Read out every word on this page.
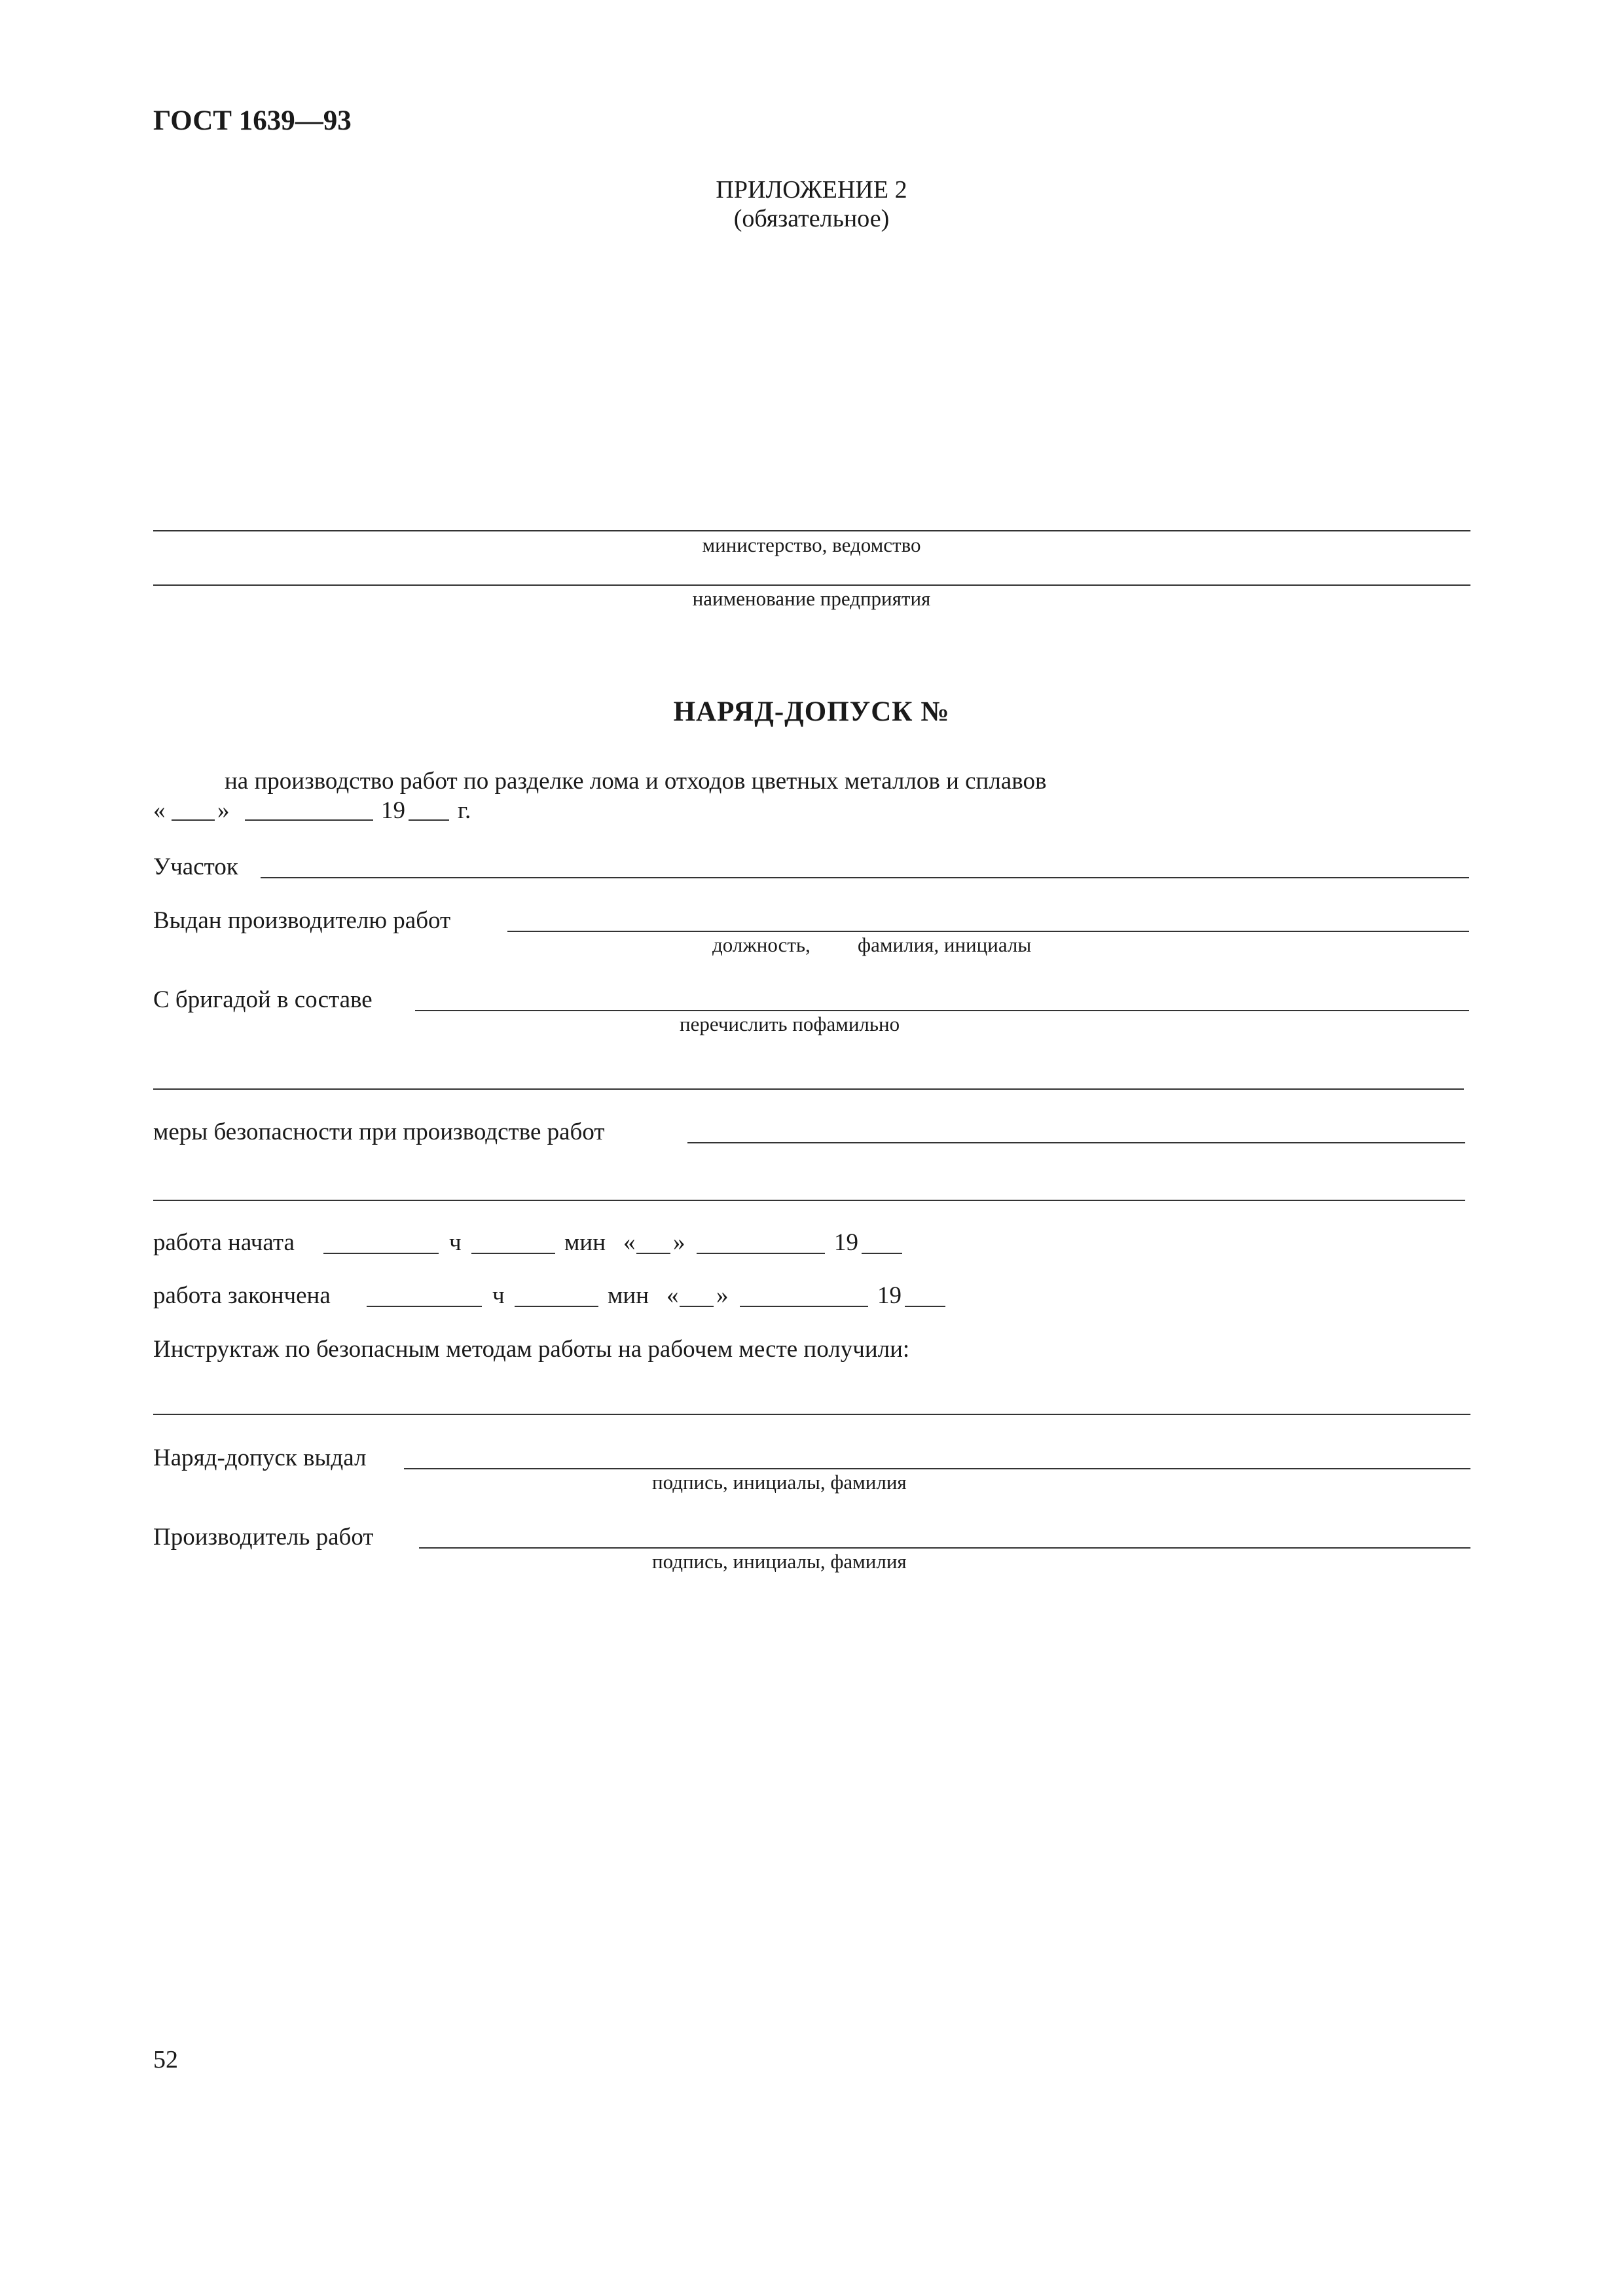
ГОСТ 1639—93
ПРИЛОЖЕНИЕ 2
(обязательное)
министерство, ведомство
наименование предприятия
НАРЯД-ДОПУСК №
на производство работ по разделке лома и отходов цветных металлов и сплавов
« »	19 г.
Участок
Выдан производителю работ
должность, фамилия, инициалы
С бригадой в составе
перечислить пофамильно
меры безопасности при производстве работ
работа начата	ч	мин « »	19
работа закончена	ч	мин « »	19
Инструктаж по безопасным методам работы на рабочем месте получили:
Наряд-допуск выдал
подпись, инициалы, фамилия
Производитель работ
подпись, инициалы, фамилия
52
